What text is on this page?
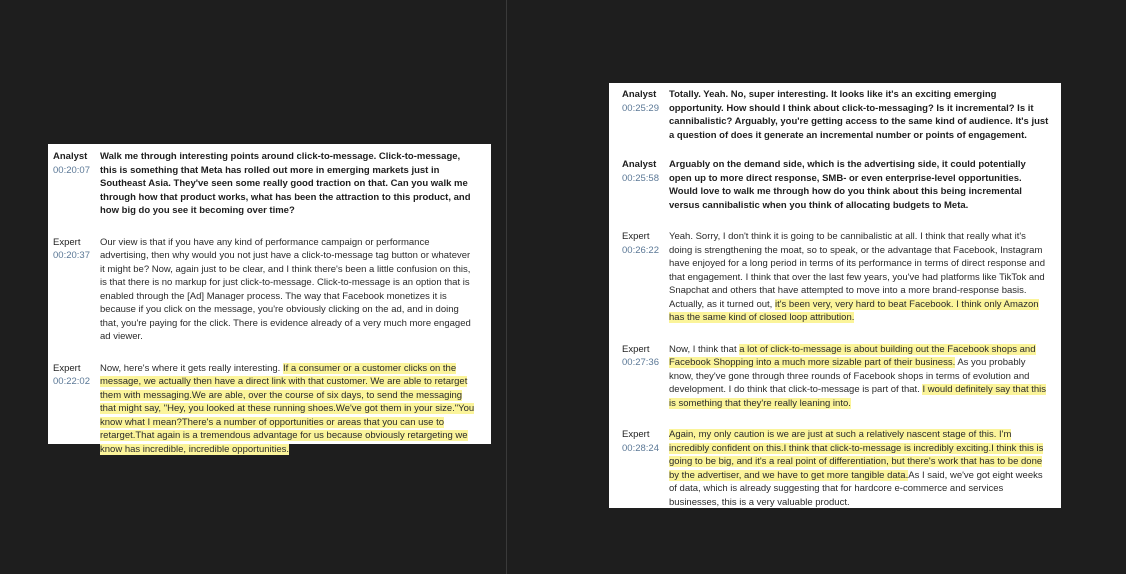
Analyst
00:20:07
Walk me through interesting points around click-to-message. Click-to-message, this is something that Meta has rolled out more in emerging markets just in Southeast Asia. They've seen some really good traction on that. Can you walk me through how that product works, what has been the attraction to this product, and how big do you see it becoming over time?
Expert
00:20:37
Our view is that if you have any kind of performance campaign or performance advertising, then why would you not just have a click-to-message tag button or whatever it might be? Now, again just to be clear, and I think there's been a little confusion on this, is that there is no markup for just click-to-message. Click-to-message is an option that is enabled through the [Ad] Manager process. The way that Facebook monetizes it is because if you click on the message, you're obviously clicking on the ad, and in doing that, you're paying for the click. There is evidence already of a very much more engaged ad viewer.
Expert
00:22:02
Now, here's where it gets really interesting. If a consumer or a customer clicks on the message, we actually then have a direct link with that customer. We are able to retarget them with messaging.We are able, over the course of six days, to send the messaging that might say, "Hey, you looked at these running shoes.We've got them in your size."You know what I mean?There's a number of opportunities or areas that you can use to retarget.That again is a tremendous advantage for us because obviously retargeting we know has incredible, incredible opportunities.
Analyst
00:25:29
Totally. Yeah. No, super interesting. It looks like it's an exciting emerging opportunity. How should I think about click-to-messaging? Is it incremental? Is it cannibalistic? Arguably, you're getting access to the same kind of audience. It's just a question of does it generate an incremental number or points of engagement.
Analyst
00:25:58
Arguably on the demand side, which is the advertising side, it could potentially open up to more direct response, SMB- or even enterprise-level opportunities. Would love to walk me through how do you think about this being incremental versus cannibalistic when you think of allocating budgets to Meta.
Expert
00:26:22
Yeah. Sorry, I don't think it is going to be cannibalistic at all. I think that really what it's doing is strengthening the moat, so to speak, or the advantage that Facebook, Instagram have enjoyed for a long period in terms of its performance in terms of direct response and that engagement. I think that over the last few years, you've had platforms like TikTok and Snapchat and others that have attempted to move into a more brand-response basis. Actually, as it turned out, it's been very, very hard to beat Facebook. I think only Amazon has the same kind of closed loop attribution.
Expert
00:27:36
Now, I think that a lot of click-to-message is about building out the Facebook shops and Facebook Shopping into a much more sizable part of their business. As you probably know, they've gone through three rounds of Facebook shops in terms of evolution and development. I do think that click-to-message is part of that. I would definitely say that this is something that they're really leaning into.
Expert
00:28:24
Again, my only caution is we are just at such a relatively nascent stage of this. I'm incredibly confident on this.I think that click-to-message is incredibly exciting.I think this is going to be big, and it's a real point of differentiation, but there's work that has to be done by the advertiser, and we have to get more tangible data.As I said, we've got eight weeks of data, which is already suggesting that for hardcore e-commerce and services businesses, this is a very valuable product.
